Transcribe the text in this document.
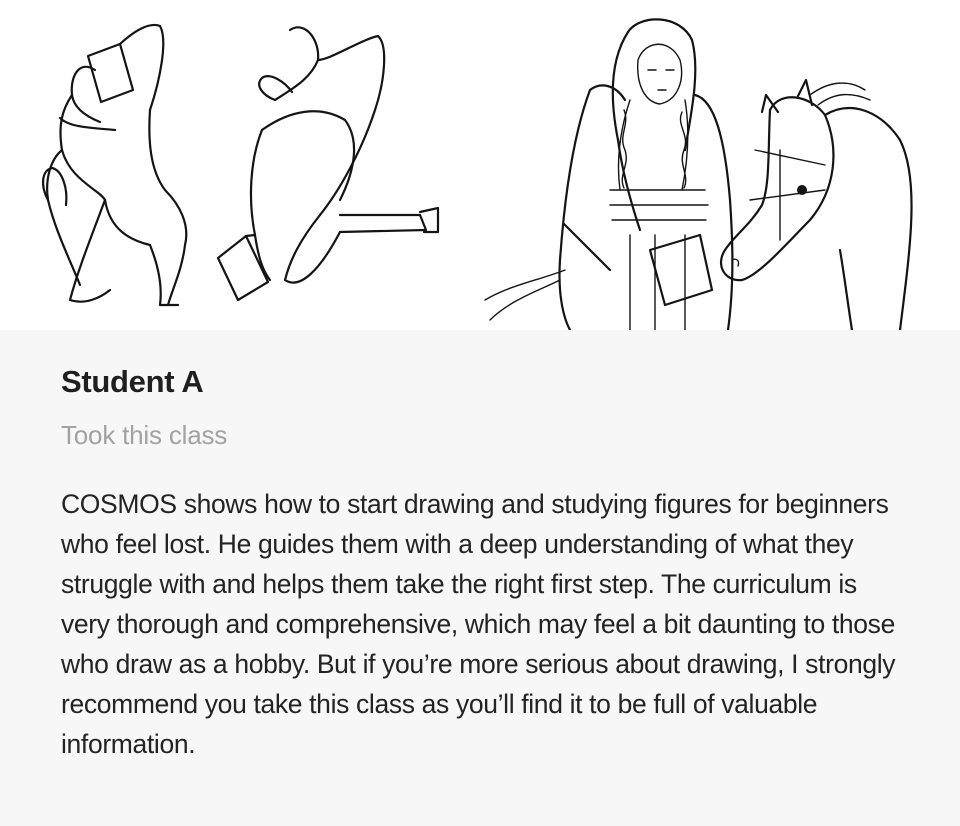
Student A
Took this class

COSMOS shows how to start drawing and studying figures for beginners who feel lost. He guides them with a deep understanding of what they struggle with and helps them take the right first step. The curriculum is very thorough and comprehensive, which may feel a bit daunting to those who draw as a hobby. But if you’re more serious about drawing, I strongly recommend you take this class as you’ll find it to be full of valuable information.
